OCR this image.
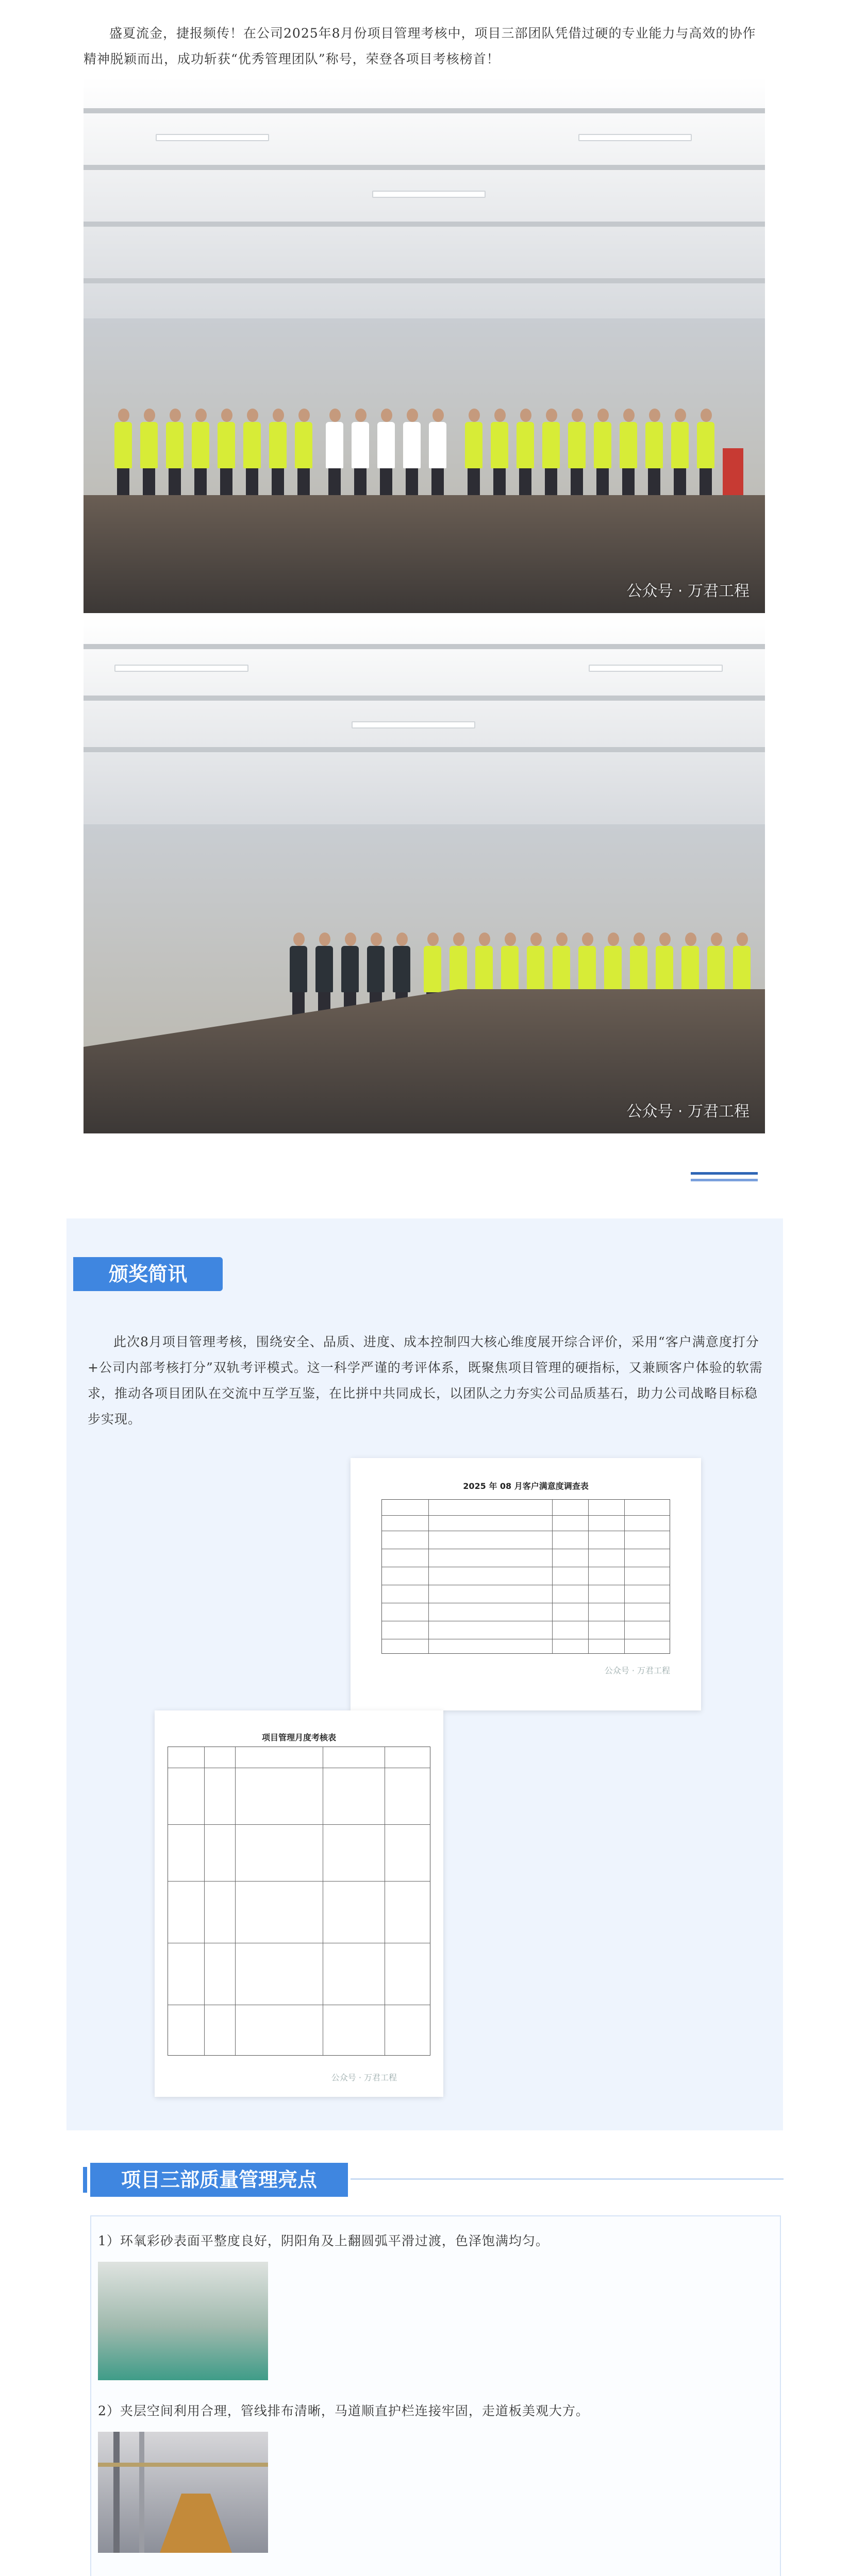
盛夏流金，捷报频传！在公司2025年8月份项目管理考核中，项目三部团队凭借过硬的专业能力与高效的协作精神脱颖而出，成功斩获“优秀管理团队”称号，荣登各项目考核榜首！

公众号 · 万君工程
公众号 · 万君工程
颁奖简讯

此次8月项目管理考核，围绕安全、品质、进度、成本控制四大核心维度展开综合评价，采用“客户满意度打分+公司内部考核打分”双轨考评模式。这一科学严谨的考评体系，既聚焦项目管理的硬指标，又兼顾客户体验的软需求，推动各项目团队在交流中互学互鉴，在比拼中共同成长，以团队之力夯实公司品质基石，助力公司战略目标稳步实现。

2025 年 08 月客户满意度调查表
公众号 · 万君工程
项目管理月度考核表
公众号 · 万君工程
项目三部质量管理亮点

1）环氧彩砂表面平整度良好，阴阳角及上翻圆弧平滑过渡，色泽饱满均匀。

2）夹层空间利用合理，管线排布清晰，马道顺直护栏连接牢固，走道板美观大方。
